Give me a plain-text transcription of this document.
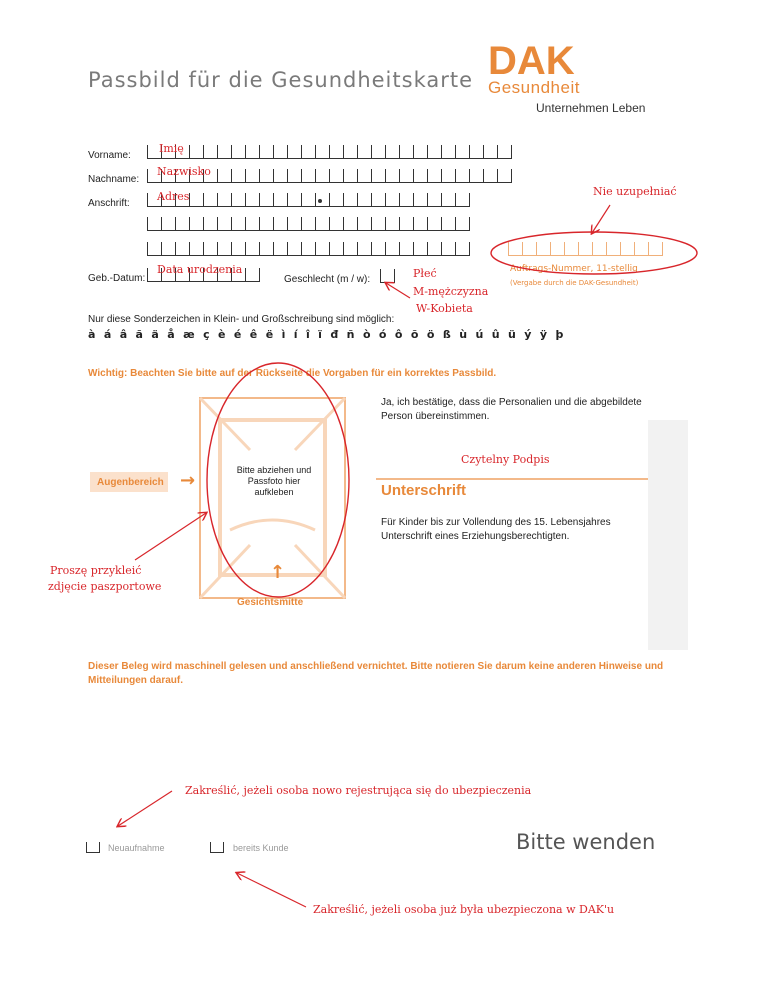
Passbild für die Gesundheitskarte DAK
Gesundheit
Unternehmen Leben
Vorname:
Nachname:
Anschrift:
Geb.-Datum:	Geschlecht (m / w):
Auftrags-Nummer, 11-stellig
(Vergabe durch die DAK-Gesundheit)
Nur diese Sonderzeichen in Klein- und Großschreibung sind möglich:
à á â ã ä å æ ç è é ê ë ì í î ï đ ñ ò ó ô õ ö ß ù ú û ü ý ÿ þ
Wichtig: Beachten Sie bitte auf der Rückseite die Vorgaben für ein korrektes Passbild.
Bitte abziehen und Passfoto hier aufkleben
Augenbereich →
↑
Gesichtsmitte
Ja, ich bestätige, dass die Personalien und die abgebildete Person übereinstimmen.
Unterschrift
Für Kinder bis zur Vollendung des 15. Lebensjahres Unterschrift eines Erziehungsberechtigten.
Dieser Beleg wird maschinell gelesen und anschließend vernichtet. Bitte notieren Sie darum keine anderen Hinweise und Mitteilungen darauf.
Neuaufnahme	bereits Kunde	Bitte wenden
Imię
Nazwisko
Adres
Data urodzenia
Nie uzupełniać
Płeć
M-mężczyzna
W-Kobieta
Czytelny Podpis
Proszę przykleić
zdjęcie paszportowe
Zakreślić, jeżeli osoba nowo rejestrująca się do ubezpieczenia
Zakreślić, jeżeli osoba już była ubezpieczona w DAK'u
